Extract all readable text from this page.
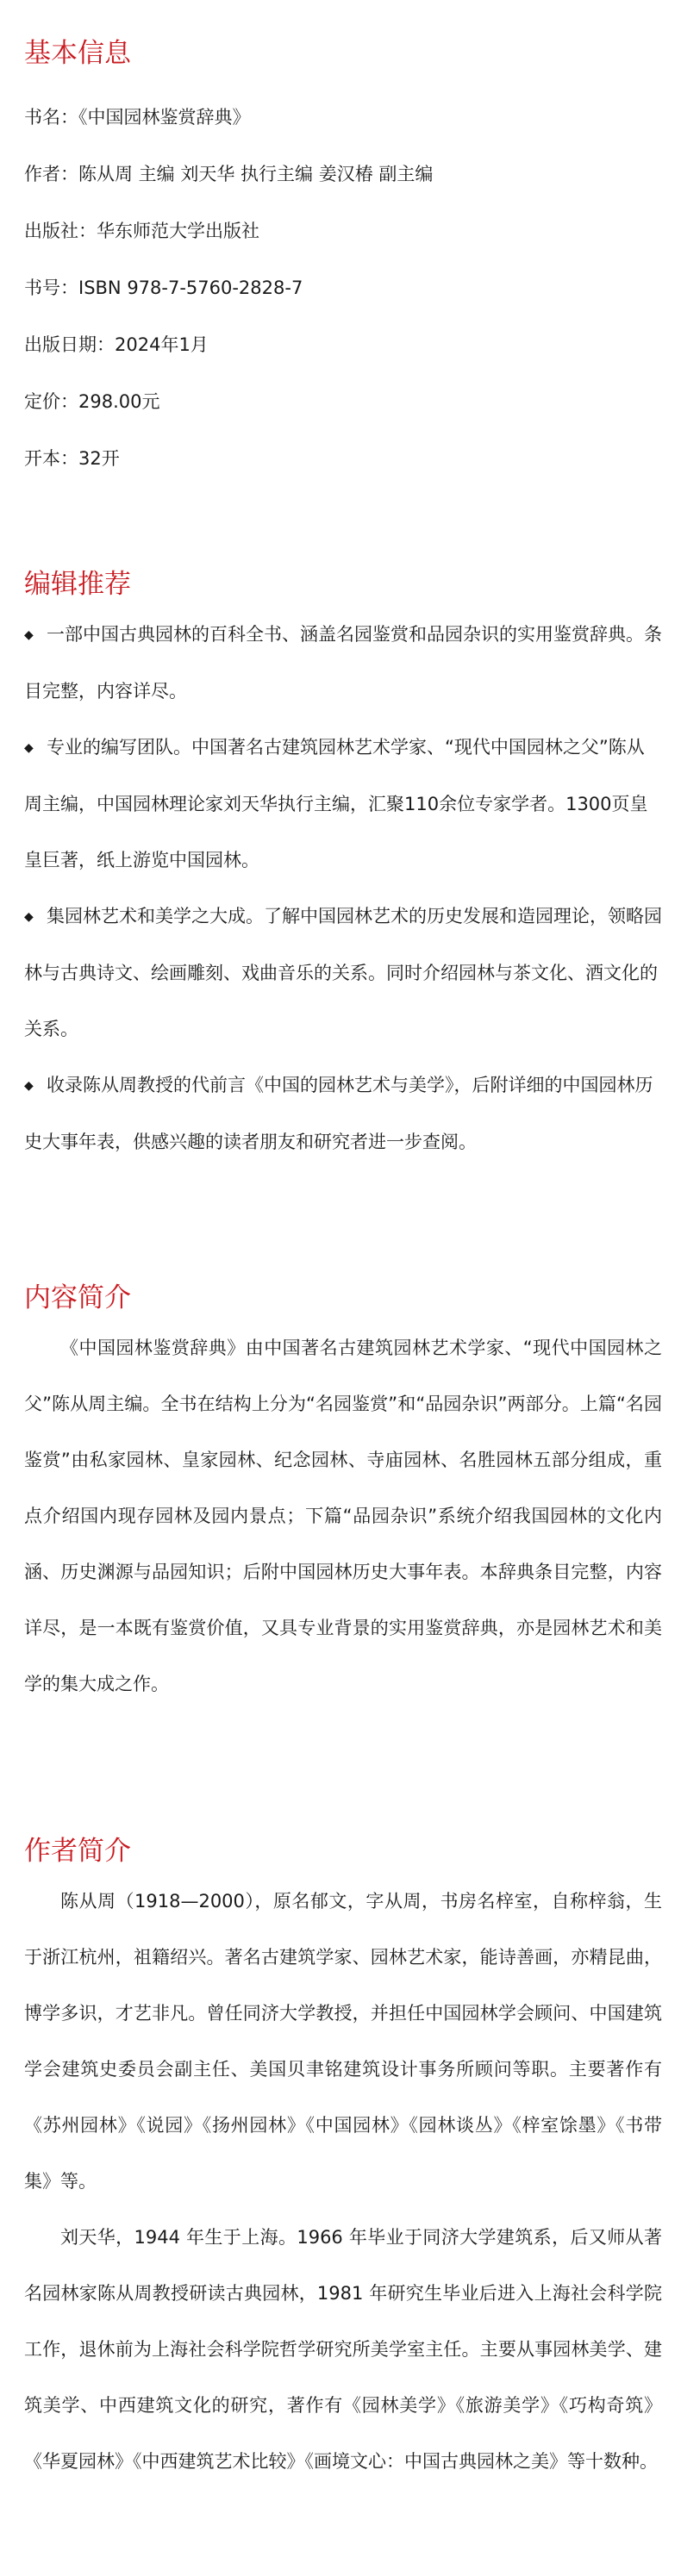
基本信息

书名：《中国园林鉴赏辞典》

作者：陈从周 主编 刘天华 执行主编 姜汉椿 副主编

出版社：华东师范大学出版社

书号：ISBN 978-7-5760-2828-7

出版日期：2024年1月

定价：298.00元

开本：32开

编辑推荐

◆ 一部中国古典园林的百科全书、涵盖名园鉴赏和品园杂识的实用鉴赏辞典。条目完整，内容详尽。

◆ 专业的编写团队。中国著名古建筑园林艺术学家、“现代中国园林之父”陈从周主编，中国园林理论家刘天华执行主编，汇聚110余位专家学者。1300页皇皇巨著，纸上游览中国园林。

◆ 集园林艺术和美学之大成。了解中国园林艺术的历史发展和造园理论，领略园林与古典诗文、绘画雕刻、戏曲音乐的关系。同时介绍园林与茶文化、酒文化的关系。

◆ 收录陈从周教授的代前言《中国的园林艺术与美学》，后附详细的中国园林历史大事年表，供感兴趣的读者朋友和研究者进一步查阅。

内容简介

《中国园林鉴赏辞典》由中国著名古建筑园林艺术学家、“现代中国园林之父”陈从周主编。全书在结构上分为“名园鉴赏”和“品园杂识”两部分。上篇“名园鉴赏”由私家园林、皇家园林、纪念园林、寺庙园林、名胜园林五部分组成，重点介绍国内现存园林及园内景点；下篇“品园杂识”系统介绍我国园林的文化内涵、历史渊源与品园知识；后附中国园林历史大事年表。本辞典条目完整，内容详尽，是一本既有鉴赏价值，又具专业背景的实用鉴赏辞典，亦是园林艺术和美学的集大成之作。

作者简介

陈从周（1918—2000），原名郁文，字从周，书房名梓室，自称梓翁，生于浙江杭州，祖籍绍兴。著名古建筑学家、园林艺术家，能诗善画，亦精昆曲，博学多识，才艺非凡。曾任同济大学教授，并担任中国园林学会顾问、中国建筑学会建筑史委员会副主任、美国贝聿铭建筑设计事务所顾问等职。主要著作有《苏州园林》《说园》《扬州园林》《中国园林》《园林谈丛》《梓室馀墨》《书带集》等。

刘天华，1944 年生于上海。1966 年毕业于同济大学建筑系，后又师从著名园林家陈从周教授研读古典园林，1981 年研究生毕业后进入上海社会科学院工作，退休前为上海社会科学院哲学研究所美学室主任。主要从事园林美学、建筑美学、中西建筑文化的研究，著作有《园林美学》《旅游美学》《巧构奇筑》《华夏园林》《中西建筑艺术比较》《画境文心：中国古典园林之美》等十数种。
